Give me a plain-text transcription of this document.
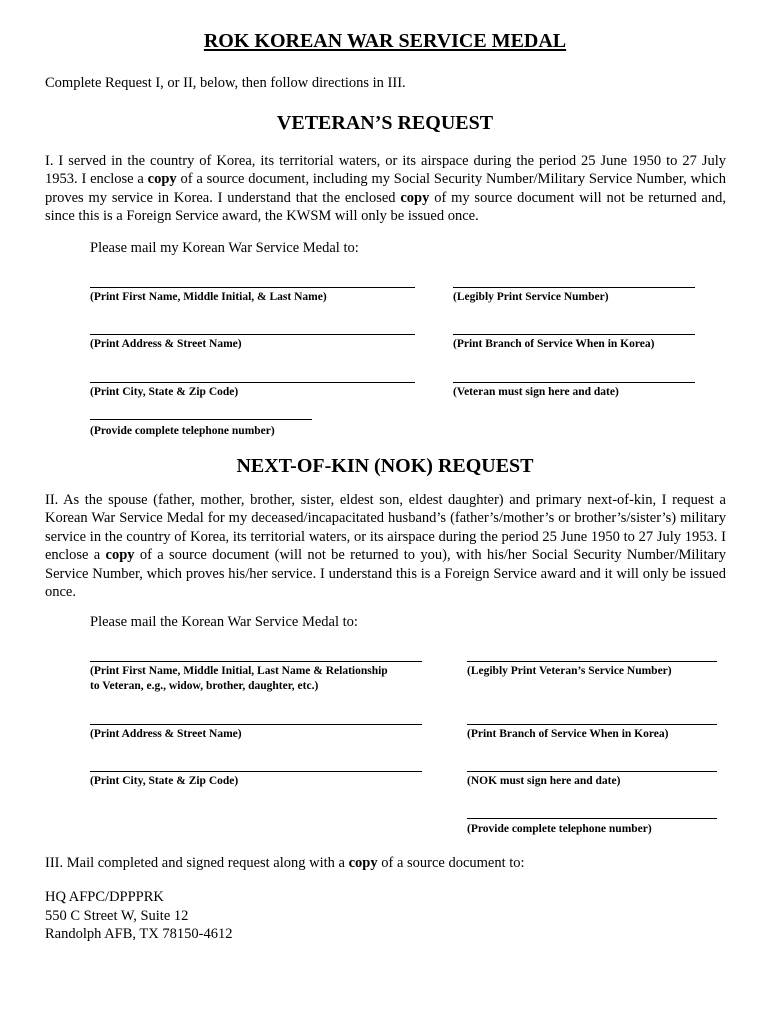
ROK KOREAN WAR SERVICE MEDAL
Complete Request I, or II, below, then follow directions in III.
VETERAN’S REQUEST
I. I served in the country of Korea, its territorial waters, or its airspace during the period 25 June 1950 to 27 July 1953. I enclose a copy of a source document, including my Social Security Number/Military Service Number, which proves my service in Korea. I understand that the enclosed copy of my source document will not be returned and, since this is a Foreign Service award, the KWSM will only be issued once.
Please mail my Korean War Service Medal to:
(Print First Name, Middle Initial, & Last Name)	(Legibly Print Service Number)
(Print Address & Street Name)	(Print Branch of Service When in Korea)
(Print City, State & Zip Code)	(Veteran must sign here and date)
(Provide complete telephone number)
NEXT-OF-KIN (NOK) REQUEST
II. As the spouse (father, mother, brother, sister, eldest son, eldest daughter) and primary next-of-kin, I request a Korean War Service Medal for my deceased/incapacitated husband’s (father’s/mother’s or brother’s/sister’s) military service in the country of Korea, its territorial waters, or its airspace during the period 25 June 1950 to 27 July 1953. I enclose a copy of a source document (will not be returned to you), with his/her Social Security Number/Military Service Number, which proves his/her service. I understand this is a Foreign Service award and it will only be issued once.
Please mail the Korean War Service Medal to:
(Print First Name, Middle Initial, Last Name & Relationship
to Veteran, e.g., widow, brother, daughter, etc.)
(Legibly Print Veteran’s Service Number)
(Print Address & Street Name)	(Print Branch of Service When in Korea)
(Print City, State & Zip Code)	(NOK must sign here and date)
(Provide complete telephone number)
III. Mail completed and signed request along with a copy of a source document to:
HQ AFPC/DPPPRK
550 C Street W, Suite 12
Randolph AFB, TX 78150-4612
